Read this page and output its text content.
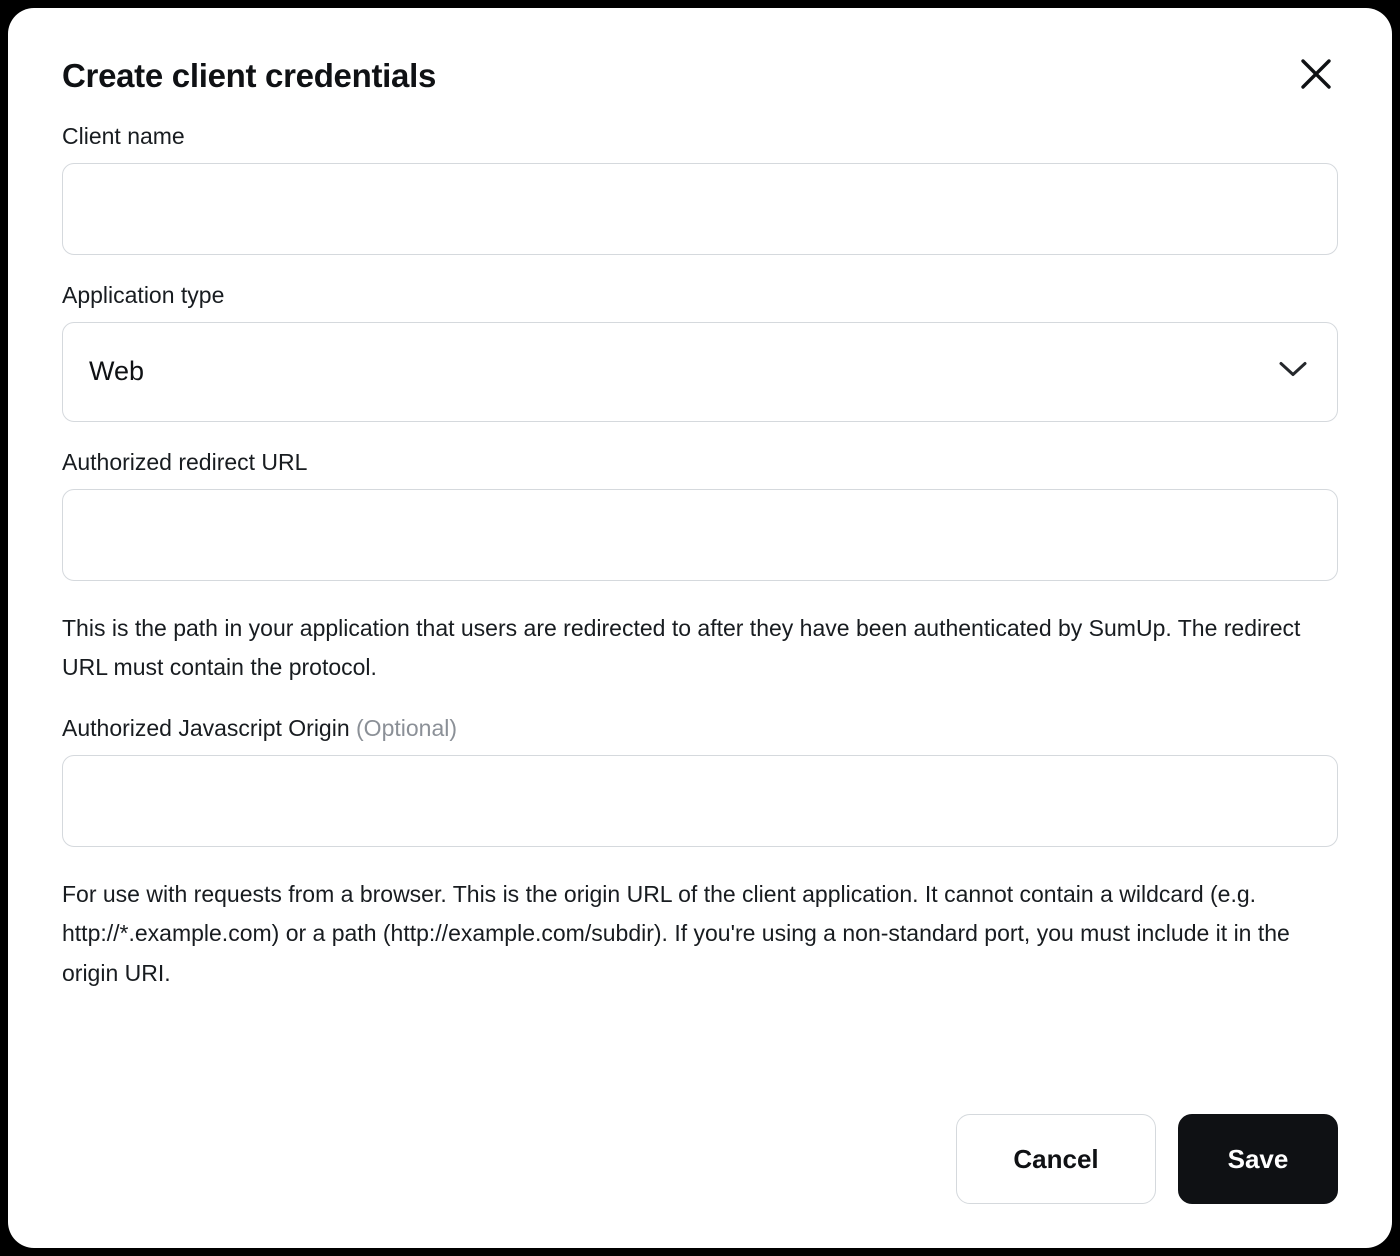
Create client credentials
Client name
Application type
Web
Authorized redirect URL

This is the path in your application that users are redirected to after they have been authenticated by SumUp. The redirect URL must contain the protocol.

Authorized Javascript Origin (Optional)

For use with requests from a browser. This is the origin URL of the client application. It cannot contain a wildcard (e.g. http://*.example.com) or a path (http://example.com/subdir). If you're using a non-standard port, you must include it in the origin URI.

Cancel	Save
